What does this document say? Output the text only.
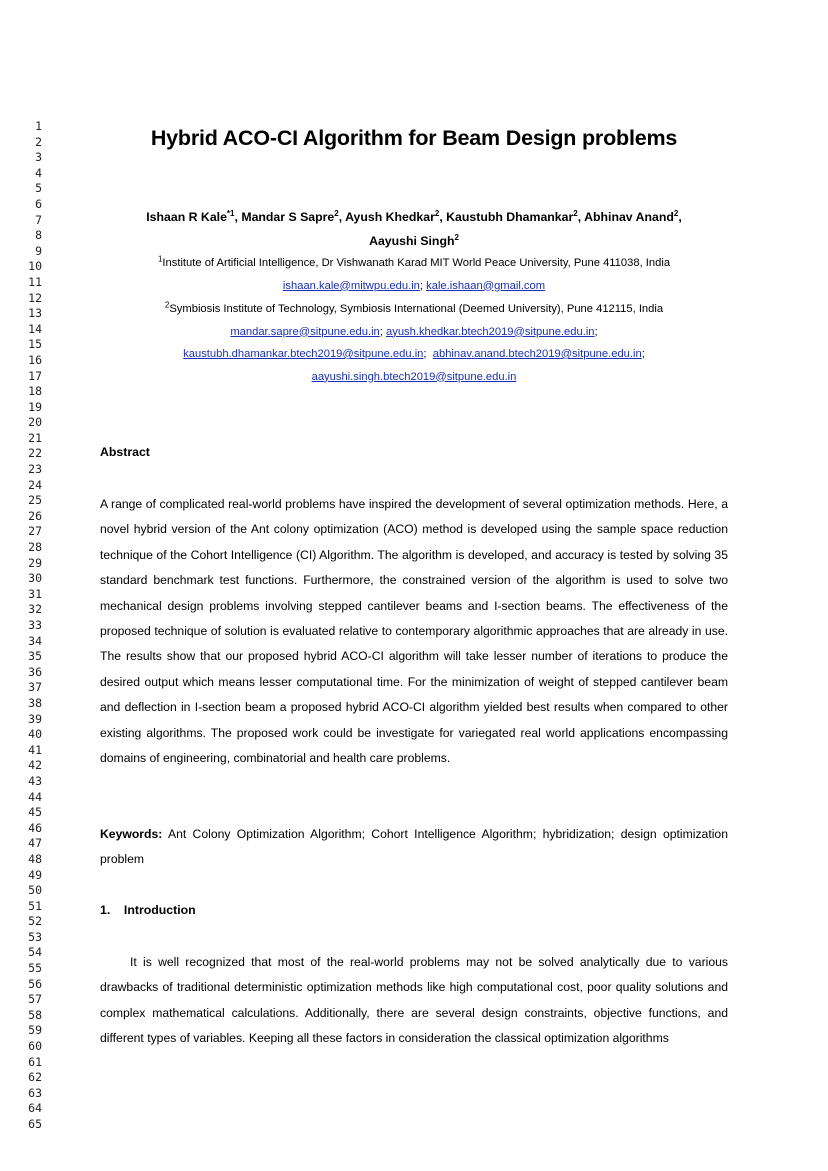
1
2
3
4
5
6
7
8
9
10
11
12
13
14
15
16
17
18
19
20
21
22
23
24
25
26
27
28
29
30
31
32
33
34
35
36
37
38
39
40
41
42
43
44
45
46
47
48
49
50
51
52
53
54
55
56
57
58
59
60
61
62
63
64
65
Hybrid ACO-CI Algorithm for Beam Design problems
Ishaan R Kale$^{*1}$, Mandar S Sapre$^2$, Ayush Khedkar$^2$, Kaustubh Dhamankar$^2$, Abhinav Anand$^2$,
Aayushi Singh$^2$
$^1$Institute of Artificial Intelligence, Dr Vishwanath Karad MIT World Peace University, Pune 411038, India
ishaan.kale@mitwpu.edu.in; kale.ishaan@gmail.com
$^2$Symbiosis Institute of Technology, Symbiosis International (Deemed University), Pune 412115, India
mandar.sapre@sitpune.edu.in; ayush.khedkar.btech2019@sitpune.edu.in;
kaustubh.dhamankar.btech2019@sitpune.edu.in;  abhinav.anand.btech2019@sitpune.edu.in;
aayushi.singh.btech2019@sitpune.edu.in
Abstract
A range of complicated real-world problems have inspired the development of several optimization methods. Here, a novel hybrid version of the Ant colony optimization (ACO) method is developed using the sample space reduction technique of the Cohort Intelligence (CI) Algorithm. The algorithm is developed, and accuracy is tested by solving 35 standard benchmark test functions. Furthermore, the constrained version of the algorithm is used to solve two mechanical design problems involving stepped cantilever beams and I-section beams. The effectiveness of the proposed technique of solution is evaluated relative to contemporary algorithmic approaches that are already in use. The results show that our proposed hybrid ACO-CI algorithm will take lesser number of iterations to produce the desired output which means lesser computational time. For the minimization of weight of stepped cantilever beam and deflection in I-section beam a proposed hybrid ACO-CI algorithm yielded best results when compared to other existing algorithms. The proposed work could be investigate for variegated real world applications encompassing domains of engineering, combinatorial and health care problems.
Keywords: Ant Colony Optimization Algorithm; Cohort Intelligence Algorithm; hybridization; design optimization problem
1.    Introduction
It is well recognized that most of the real-world problems may not be solved analytically due to various drawbacks of traditional deterministic optimization methods like high computational cost, poor quality solutions and complex mathematical calculations. Additionally, there are several design constraints, objective functions, and different types of variables. Keeping all these factors in consideration the classical optimization algorithms
